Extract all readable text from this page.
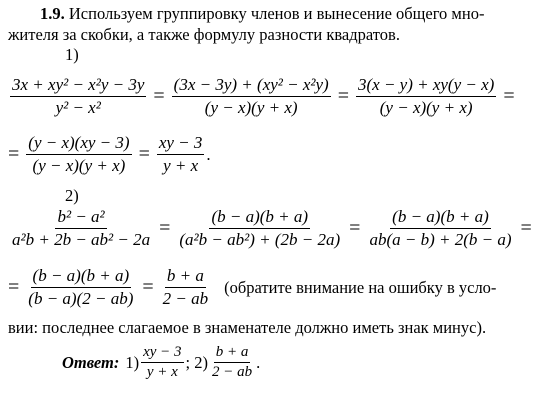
1.9. Используем группировку членов и вынесение общего мно-
жителя за скобки, а также формулу разности квадратов.
1)
$\frac{\text{3x + xy² − x²y − 3y}}{\text{y² − x²}} = \frac{\text{(3x − 3y) + (xy² − x²y)}}{(y - x)(y + x)} = \frac{3(x - y) + xy(y - x)}{(y - x)(y + x)}$ =
= $\frac{(y - x)(xy - 3)}{(y - x)(y + x)} = \frac{xy - 3}{y + x}$ .
2)
$\frac{\text{b² − a²}}{\text{a²b + 2b − ab² − 2a}} = \frac{(b - a)(b + a)}{\text{(a²b − ab²) + (2b − 2a)}} = \frac{(b - a)(b + a)}{ab(a - b) + 2(b - a)}$ =
= $\frac{(b - a)(b + a)}{(b - a)(2 - ab)} = \frac{b + a}{2 - ab}$ (обратите внимание на ошибку в усло-
вии: последнее слагаемое в знаменателе должно иметь знак минус).
Ответ: $1) \frac{xy - 3}{y + x}$ ; $2) \frac{b + a}{2 - ab}$ .
